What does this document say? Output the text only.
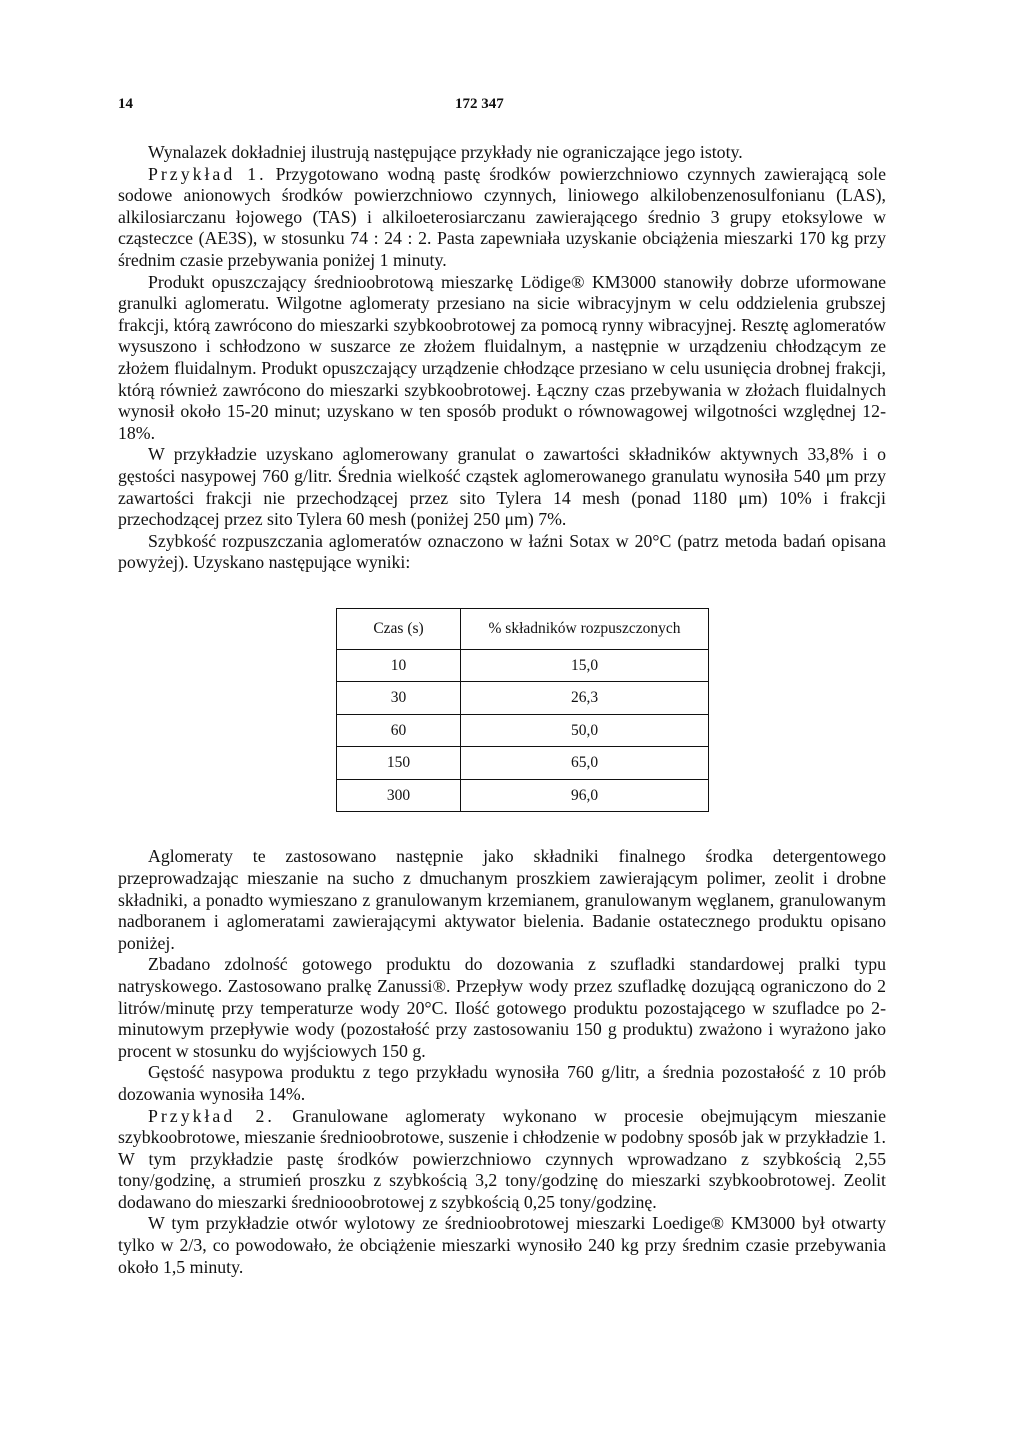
14	172 347

Wynalazek dokładniej ilustrują następujące przykłady nie ograniczające jego istoty.

Przykład 1. Przygotowano wodną pastę środków powierzchniowo czynnych zawierającą sole sodowe anionowych środków powierzchniowo czynnych, liniowego alkilobenzenosulfonianu (LAS), alkilosiarczanu łojowego (TAS) i alkiloeterosiarczanu zawierającego średnio 3 grupy etoksylowe w cząsteczce (AE3S), w stosunku 74 : 24 : 2. Pasta zapewniała uzyskanie obciążenia mieszarki 170 kg przy średnim czasie przebywania poniżej 1 minuty.

Produkt opuszczający średnioobrotową mieszarkę Lödige® KM3000 stanowiły dobrze uformowane granulki aglomeratu. Wilgotne aglomeraty przesiano na sicie wibracyjnym w celu oddzielenia grubszej frakcji, którą zawrócono do mieszarki szybkoobrotowej za pomocą rynny wibracyjnej. Resztę aglomeratów wysuszono i schłodzono w suszarce ze złożem fluidalnym, a następnie w urządzeniu chłodzącym ze złożem fluidalnym. Produkt opuszczający urządzenie chłodzące przesiano w celu usunięcia drobnej frakcji, którą również zawrócono do mieszarki szybkoobrotowej. Łączny czas przebywania w złożach fluidalnych wynosił około 15-20 minut; uzyskano w ten sposób produkt o równowagowej wilgotności względnej 12-18%.

W przykładzie uzyskano aglomerowany granulat o zawartości składników aktywnych 33,8% i o gęstości nasypowej 760 g/litr. Średnia wielkość cząstek aglomerowanego granulatu wynosiła 540 μm przy zawartości frakcji nie przechodzącej przez sito Tylera 14 mesh (ponad 1180 μm) 10% i frakcji przechodzącej przez sito Tylera 60 mesh (poniżej 250 μm) 7%.

Szybkość rozpuszczania aglomeratów oznaczono w łaźni Sotax w 20°C (patrz metoda badań opisana powyżej). Uzyskano następujące wyniki:

Czas (s)	% składników rozpuszczonych
10	15,0
30	26,3
60	50,0
150	65,0
300	96,0

Aglomeraty te zastosowano następnie jako składniki finalnego środka detergentowego przeprowadzając mieszanie na sucho z dmuchanym proszkiem zawierającym polimer, zeolit i drobne składniki, a ponadto wymieszano z granulowanym krzemianem, granulowanym węglanem, granulowanym nadboranem i aglomeratami zawierającymi aktywator bielenia. Badanie ostatecznego produktu opisano poniżej.

Zbadano zdolność gotowego produktu do dozowania z szufladki standardowej pralki typu natryskowego. Zastosowano pralkę Zanussi®. Przepływ wody przez szufladkę dozującą ograniczono do 2 litrów/minutę przy temperaturze wody 20°C. Ilość gotowego produktu pozostającego w szufladce po 2-minutowym przepływie wody (pozostałość przy zastosowaniu 150 g produktu) zważono i wyrażono jako procent w stosunku do wyjściowych 150 g.

Gęstość nasypowa produktu z tego przykładu wynosiła 760 g/litr, a średnia pozostałość z 10 prób dozowania wynosiła 14%.

Przykład 2. Granulowane aglomeraty wykonano w procesie obejmującym mieszanie szybkoobrotowe, mieszanie średnioobrotowe, suszenie i chłodzenie w podobny sposób jak w przykładzie 1. W tym przykładzie pastę środków powierzchniowo czynnych wprowadzano z szybkością 2,55 tony/godzinę, a strumień proszku z szybkością 3,2 tony/godzinę do mieszarki szybkoobrotowej. Zeolit dodawano do mieszarki średniooobrotowej z szybkością 0,25 tony/godzinę.

W tym przykładzie otwór wylotowy ze średnioobrotowej mieszarki Loedige® KM3000 był otwarty tylko w 2/3, co powodowało, że obciążenie mieszarki wynosiło 240 kg przy średnim czasie przebywania około 1,5 minuty.
